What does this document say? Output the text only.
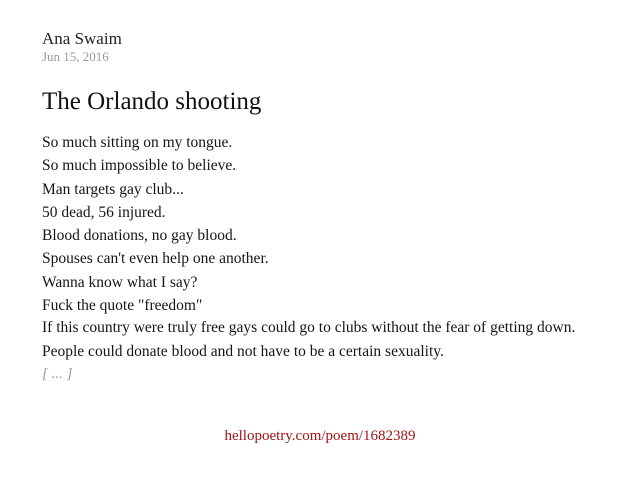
Ana Swaim
Jun 15, 2016
The Orlando shooting
So much sitting on my tongue.
So much impossible to believe.
Man targets gay club...
50 dead, 56 injured.
Blood donations, no gay blood.
Spouses can't even help one another.
Wanna know what I say?
Fuck the quote "freedom"
If this country were truly free gays could go to clubs without the fear of getting down.
People could donate blood and not have to be a certain sexuality.
[ ... ]
hellopoetry.com/poem/1682389
